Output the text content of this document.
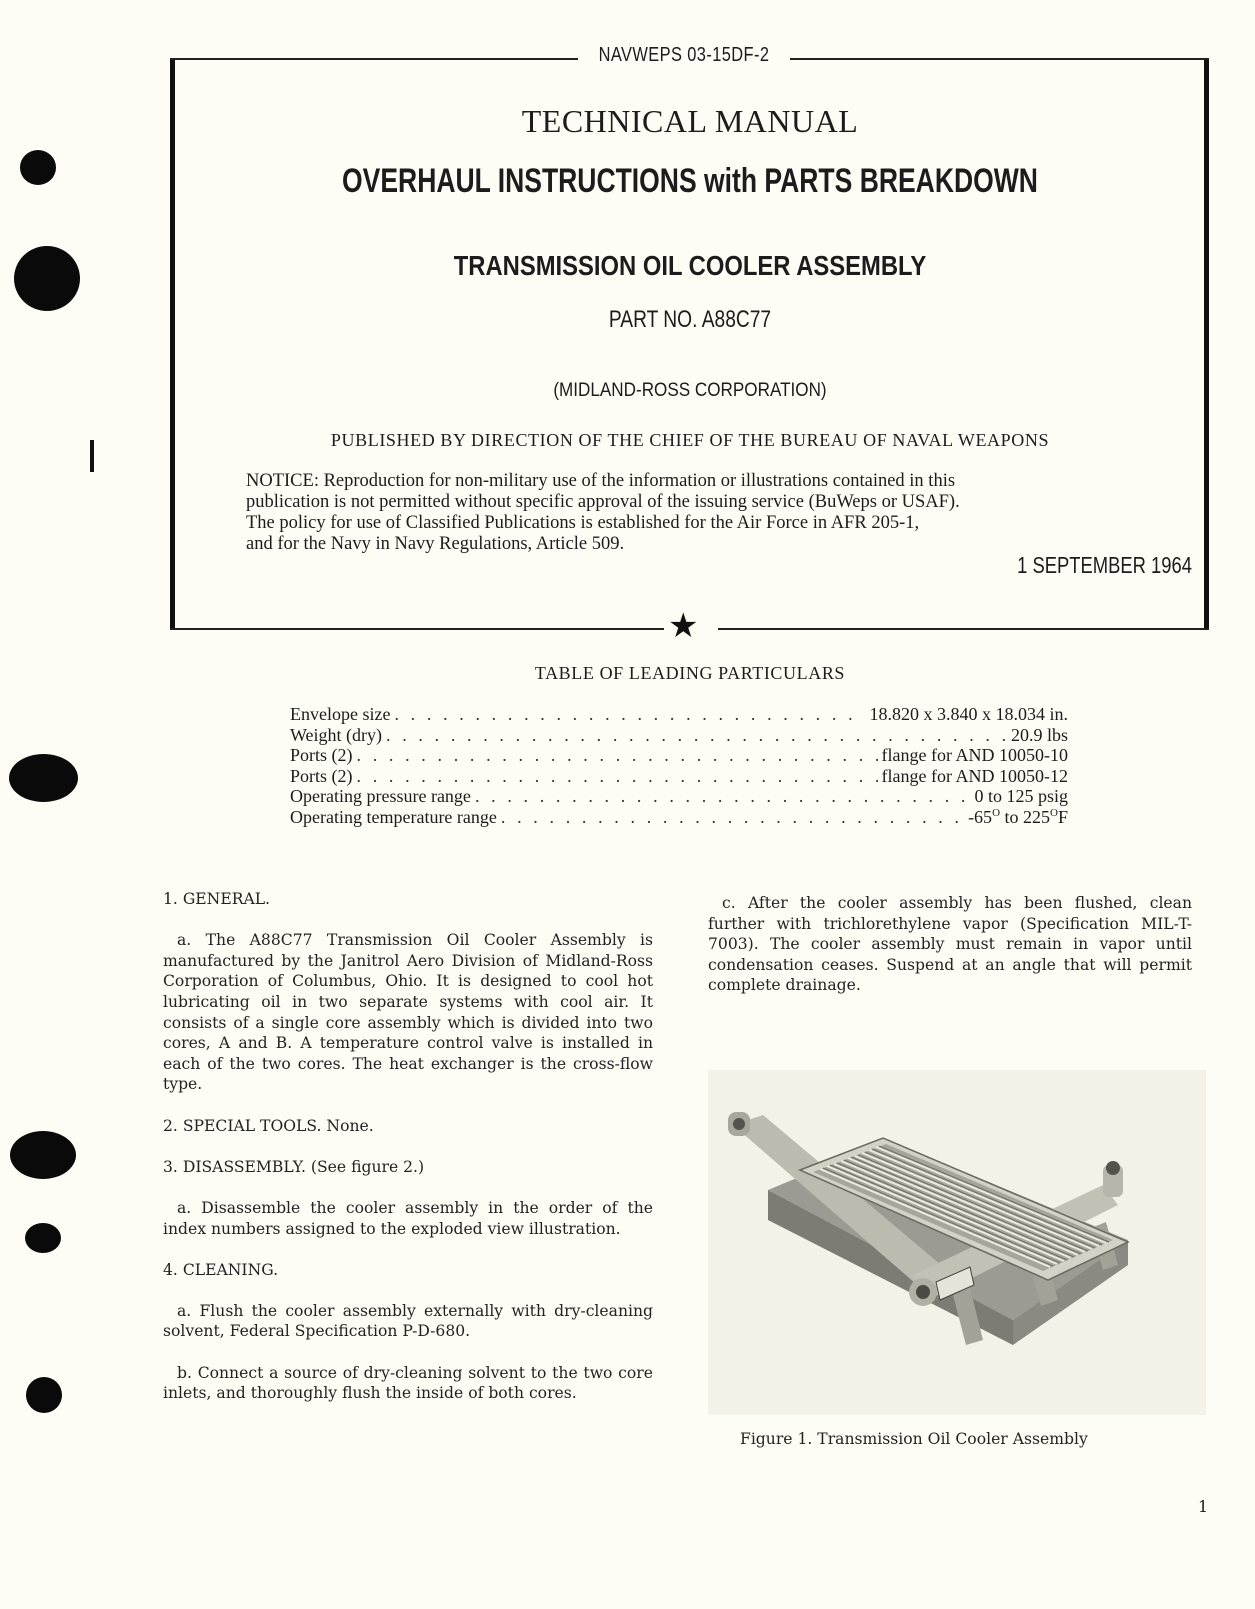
NAVWEPS 03-15DF-2
TECHNICAL MANUAL
OVERHAUL INSTRUCTIONS with PARTS BREAKDOWN
TRANSMISSION OIL COOLER ASSEMBLY
PART NO. A88C77
(MIDLAND-ROSS CORPORATION)
PUBLISHED BY DIRECTION OF THE CHIEF OF THE BUREAU OF NAVAL WEAPONS

NOTICE: Reproduction for non-military use of the information or illustrations contained in this

publication is not permitted without specific approval of the issuing service (BuWeps or USAF).

The policy for use of Classified Publications is established for the Air Force in AFR 205-1,

and for the Navy in Navy Regulations, Article 509.

1 SEPTEMBER 1964
★
TABLE OF LEADING PARTICULARS
Envelope size . . .	18.820 x 3.840 x 18.034 in.
Weight (dry) . . .	20.9 lbs
Ports (2) . . .	flange for AND 10050-10
Ports (2) . . .	flange for AND 10050-12
Operating pressure range . . .	0 to 125 psig
Operating temperature range . . .	$-65^O$ to $225^OF$
1. GENERAL.

a. The A88C77 Transmission Oil Cooler Assembly is manufactured by the Janitrol Aero Division of Midland-Ross Corporation of Columbus, Ohio. It is designed to cool hot lubricating oil in two separate systems with cool air. It consists of a single core assembly which is divided into two cores, A and B. A temperature control valve is installed in each of the two cores. The heat exchanger is the cross-flow type.

2. SPECIAL TOOLS. None.
3. DISASSEMBLY. (See figure 2.)

a. Disassemble the cooler assembly in the order of the index numbers assigned to the exploded view illustration.

4. CLEANING.

a. Flush the cooler assembly externally with dry-cleaning solvent, Federal Specification P-D-680.

b. Connect a source of dry-cleaning solvent to the two core inlets, and thoroughly flush the inside of both cores.

c. After the cooler assembly has been flushed, clean further with trichlorethylene vapor (Specification MIL-T-7003). The cooler assembly must remain in vapor until condensation ceases. Suspend at an angle that will permit complete drainage.

Figure 1. Transmission Oil Cooler Assembly
1
